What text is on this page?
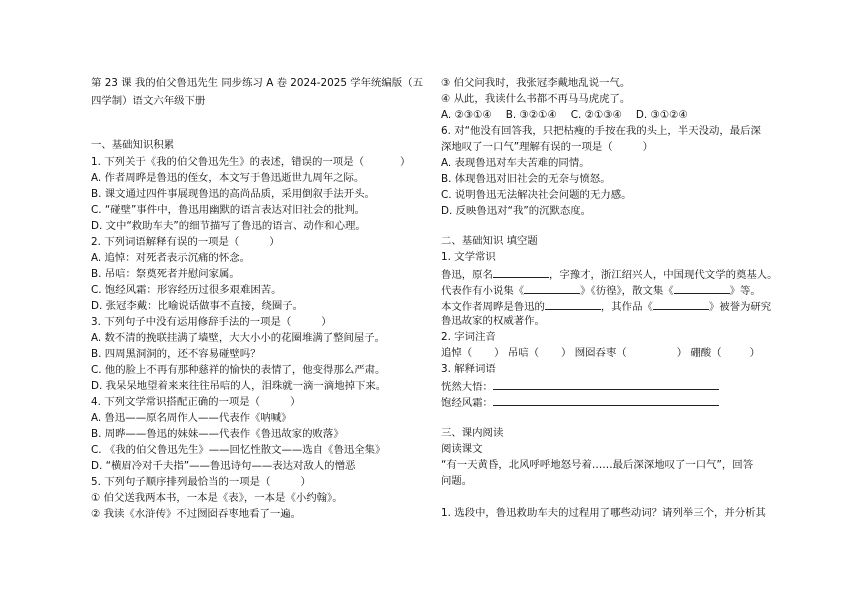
第 23 课 我的伯父鲁迅先生 同步练习 A 卷 2024-2025 学年统编版（五
四学制）语文六年级下册
一、基础知识积累
1. 下列关于《我的伯父鲁迅先生》的表述，错误的一项是（	）
A. 作者周晔是鲁迅的侄女，本文写于鲁迅逝世九周年之际。
B. 课文通过四件事展现鲁迅的高尚品质，采用倒叙手法开头。
C. “碰壁”事件中，鲁迅用幽默的语言表达对旧社会的批判。
D. 文中“救助车夫”的细节描写了鲁迅的语言、动作和心理。
2. 下列词语解释有误的一项是（	）
A. 追悼：对死者表示沉痛的怀念。
B. 吊唁：祭奠死者并慰问家属。
C. 饱经风霜：形容经历过很多艰难困苦。
D. 张冠李戴：比喻说话做事不直接，绕圈子。
3. 下列句子中没有运用修辞手法的一项是（	）
A. 数不清的挽联挂满了墙壁，大大小小的花圈堆满了整间屋子。
B. 四周黑洞洞的，还不容易碰壁吗？
C. 他的脸上不再有那种慈祥的愉快的表情了，他变得那么严肃。
D. 我呆呆地望着来来往往吊唁的人，泪珠就一滴一滴地掉下来。
4. 下列文学常识搭配正确的一项是（	）
A. 鲁迅——原名周作人——代表作《呐喊》
B. 周晔——鲁迅的妹妹——代表作《鲁迅故家的败落》
C. 《我的伯父鲁迅先生》——回忆性散文——选自《鲁迅全集》
D. “横眉冷对千夫指”——鲁迅诗句——表达对敌人的憎恶
5. 下列句子顺序排列最恰当的一项是（	）
① 伯父送我两本书，一本是《表》，一本是《小约翰》。
② 我读《水浒传》不过囫囵吞枣地看了一遍。
③ 伯父问我时，我张冠李戴地乱说一气。
④ 从此，我读什么书都不再马马虎虎了。
A. ②③①④ B. ③②①④ C. ②①③④ D. ③①②④
6. 对“他没有回答我，只把枯瘦的手按在我的头上，半天没动，最后深
深地叹了一口气”理解有误的一项是（	）
A. 表现鲁迅对车夫苦难的同情。
B. 体现鲁迅对旧社会的无奈与愤怒。
C. 说明鲁迅无法解决社会问题的无力感。
D. 反映鲁迅对“我”的沉默态度。
二、基础知识 填空题
1. 文学常识
鲁迅，原名	，字豫才，浙江绍兴人，中国现代文学的奠基人。
代表作有小说集《	》《彷徨》，散文集《	》等。
本文作者周晔是鲁迅的	，其作品《	》被誉为研究
鲁迅故家的权威著作。
2. 字词注音
追悼（ ） 吊唁（ ） 囫囵吞枣（	） 硼酸（	）
3. 解释词语
恍然大悟：
饱经风霜：
三、课内阅读
阅读课文
“有一天黄昏，北风呼呼地怒号着……最后深深地叹了一口气”，回答
问题。
1. 选段中，鲁迅救助车夫的过程用了哪些动词？请列举三个，并分析其
